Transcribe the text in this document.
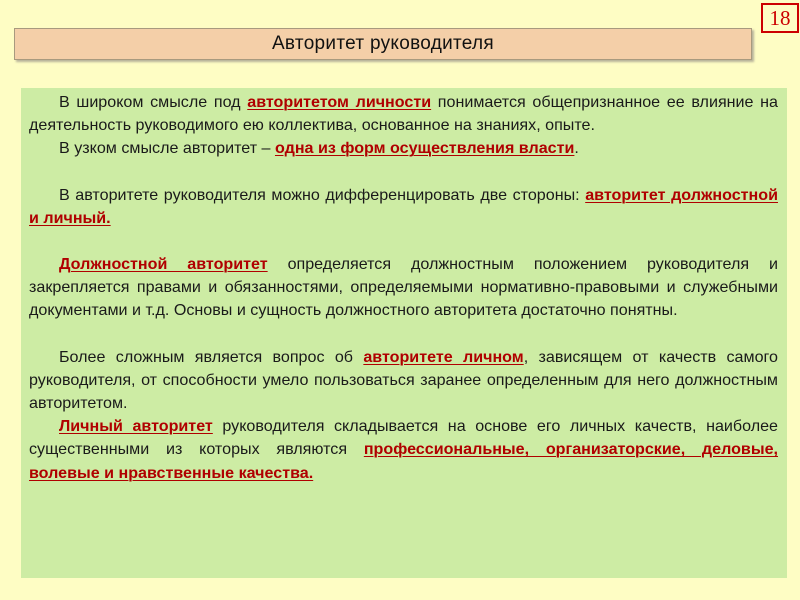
18
Авторитет руководителя

В широком смысле под авторитетом личности понимается общепризнанное ее влияние на деятельность руководимого ею коллектива, основанное на знаниях, опыте.

В узком смысле авторитет – одна из форм осуществления власти.

В авторитете руководителя можно дифференцировать две стороны: авторитет должностной и личный.

Должностной авторитет определяется должностным положением руководителя и закрепляется правами и обязанностями, определяемыми нормативно-правовыми и служебными документами и т.д. Основы и сущность должностного авторитета достаточно понятны.

Более сложным является вопрос об авторитете личном, зависящем от качеств самого руководителя, от способности умело пользоваться заранее определенным для него должностным авторитетом.

Личный авторитет руководителя складывается на основе его личных качеств, наиболее существенными из которых являются профессиональные, организаторские, деловые, волевые и нравственные качества.
